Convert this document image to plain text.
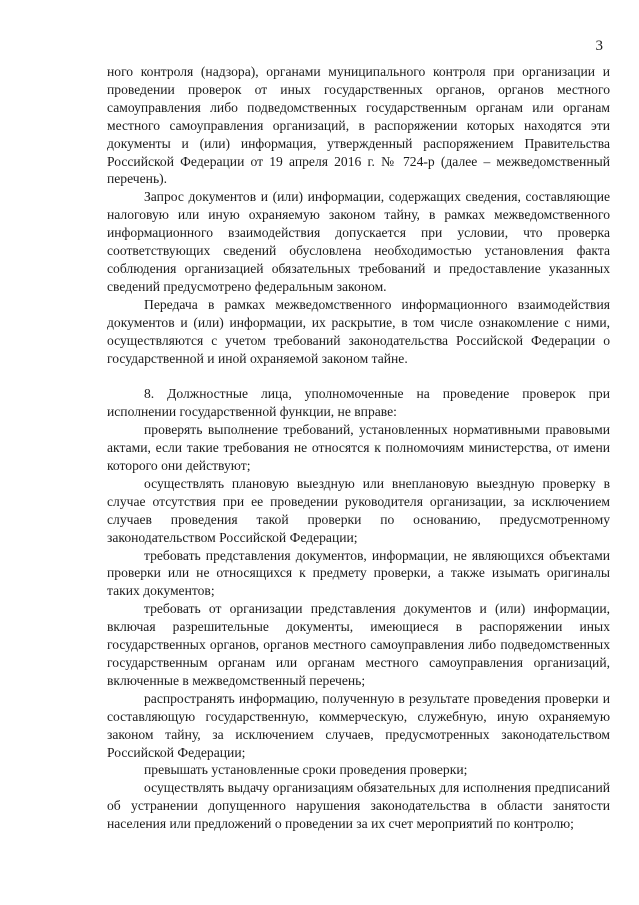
3

ного контроля (надзора), органами муниципального контроля при организации и проведении проверок от иных государственных органов, органов местного самоуправления либо подведомственных государственным органам или органам местного самоуправления организаций, в распоряжении которых находятся эти документы и (или) информация, утвержденный распоряжением Правительства Российской Федерации от 19 апреля 2016 г. № 724-р (далее – межведомственный перечень).

Запрос документов и (или) информации, содержащих сведения, составляющие налоговую или иную охраняемую законом тайну, в рамках межведомственного информационного взаимодействия допускается при условии, что проверка соответствующих сведений обусловлена необходимостью установления факта соблюдения организацией обязательных требований и предоставление указанных сведений предусмотрено федеральным законом.

Передача в рамках межведомственного информационного взаимодействия документов и (или) информации, их раскрытие, в том числе ознакомление с ними, осуществляются с учетом требований законодательства Российской Федерации о государственной и иной охраняемой законом тайне.

8. Должностные лица, уполномоченные на проведение проверок при исполнении государственной функции, не вправе:

проверять выполнение требований, установленных нормативными правовыми актами, если такие требования не относятся к полномочиям министерства, от имени которого они действуют;

осуществлять плановую выездную или внеплановую выездную проверку в случае отсутствия при ее проведении руководителя организации, за исключением случаев проведения такой проверки по основанию, предусмотренному законодательством Российской Федерации;

требовать представления документов, информации, не являющихся объектами проверки или не относящихся к предмету проверки, а также изымать оригиналы таких документов;

требовать от организации представления документов и (или) информации, включая разрешительные документы, имеющиеся в распоряжении иных государственных органов, органов местного самоуправления либо подведомственных государственным органам или органам местного самоуправления организаций, включенные в межведомственный перечень;

распространять информацию, полученную в результате проведения проверки и составляющую государственную, коммерческую, служебную, иную охраняемую законом тайну, за исключением случаев, предусмотренных законодательством Российской Федерации;

превышать установленные сроки проведения проверки;

осуществлять выдачу организациям обязательных для исполнения предписаний об устранении допущенного нарушения законодательства в области занятости населения или предложений о проведении за их счет мероприятий по контролю;
